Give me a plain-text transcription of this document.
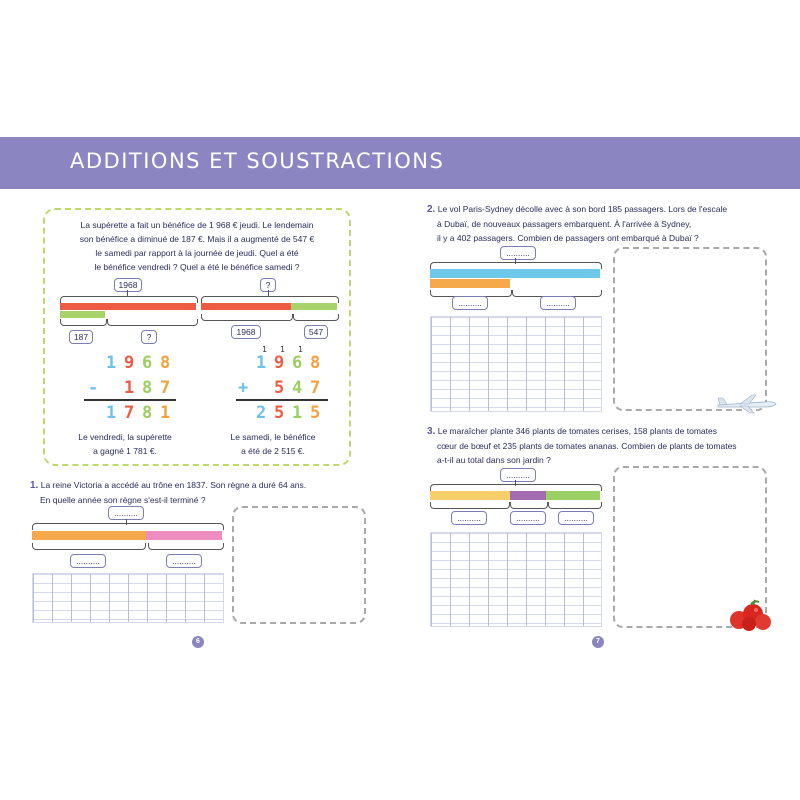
ADDITIONS ET SOUSTRACTIONS
La supérette a fait un bénéfice de 1 968 € jeudi. Le lendemain
son bénéfice a diminué de 187 €. Mais il a augmenté de 547 €
le samedi par rapport à la journée de jeudi. Quel a été
le bénéfice vendredi ? Quel a été le bénéfice samedi ?
1968
187	?
?
1968	547
1 9 6 8
- 1 8 7
1 7 8 1
1 1 1
1 9 6 8
+ 5 4 7
2 5 1 5
Le vendredi, la supérette
a gagné 1 781 €.
Le samedi, le bénéfice
a été de 2 515 €.
1. La reine Victoria a accédé au trône en 1837. Son règne a duré 64 ans.
En quelle année son règne s'est-il terminé ?
..........
..........	..........
2. Le vol Paris-Sydney décolle avec à son bord 185 passagers. Lors de l'escale
à Dubaï, de nouveaux passagers embarquent. À l'arrivée à Sydney,
il y a 402 passagers. Combien de passagers ont embarqué à Dubaï ?
..........
..........	..........
3. Le maraîcher plante 346 plants de tomates cerises, 158 plants de tomates
cœur de bœuf et 235 plants de tomates ananas. Combien de plants de tomates
a-t-il au total dans son jardin ?
..........
..........	..........	..........
6	7
